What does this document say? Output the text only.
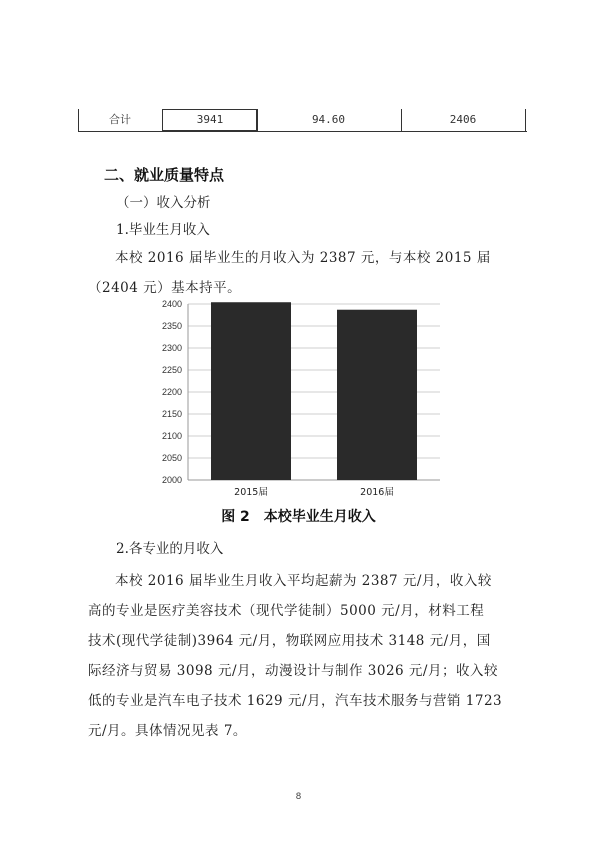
合计	3941	94.60	2406
二、就业质量特点
（一）收入分析
1.毕业生月收入
本校 2016 届毕业生的月收入为 2387 元，与本校 2015 届
（2404 元）基本持平。
2000
2050
2100
2150
2200
2250
2300
2350
2400
2015届	2016届
图 2　本校毕业生月收入
2.各专业的月收入
本校 2016 届毕业生月收入平均起薪为 2387 元/月，收入较
高的专业是医疗美容技术（现代学徒制）5000 元/月，材料工程
技术(现代学徒制)3964 元/月，物联网应用技术 3148 元/月，国
际经济与贸易 3098 元/月，动漫设计与制作 3026 元/月；收入较
低的专业是汽车电子技术 1629 元/月，汽车技术服务与营销 1723
元/月。具体情况见表 7。
8
